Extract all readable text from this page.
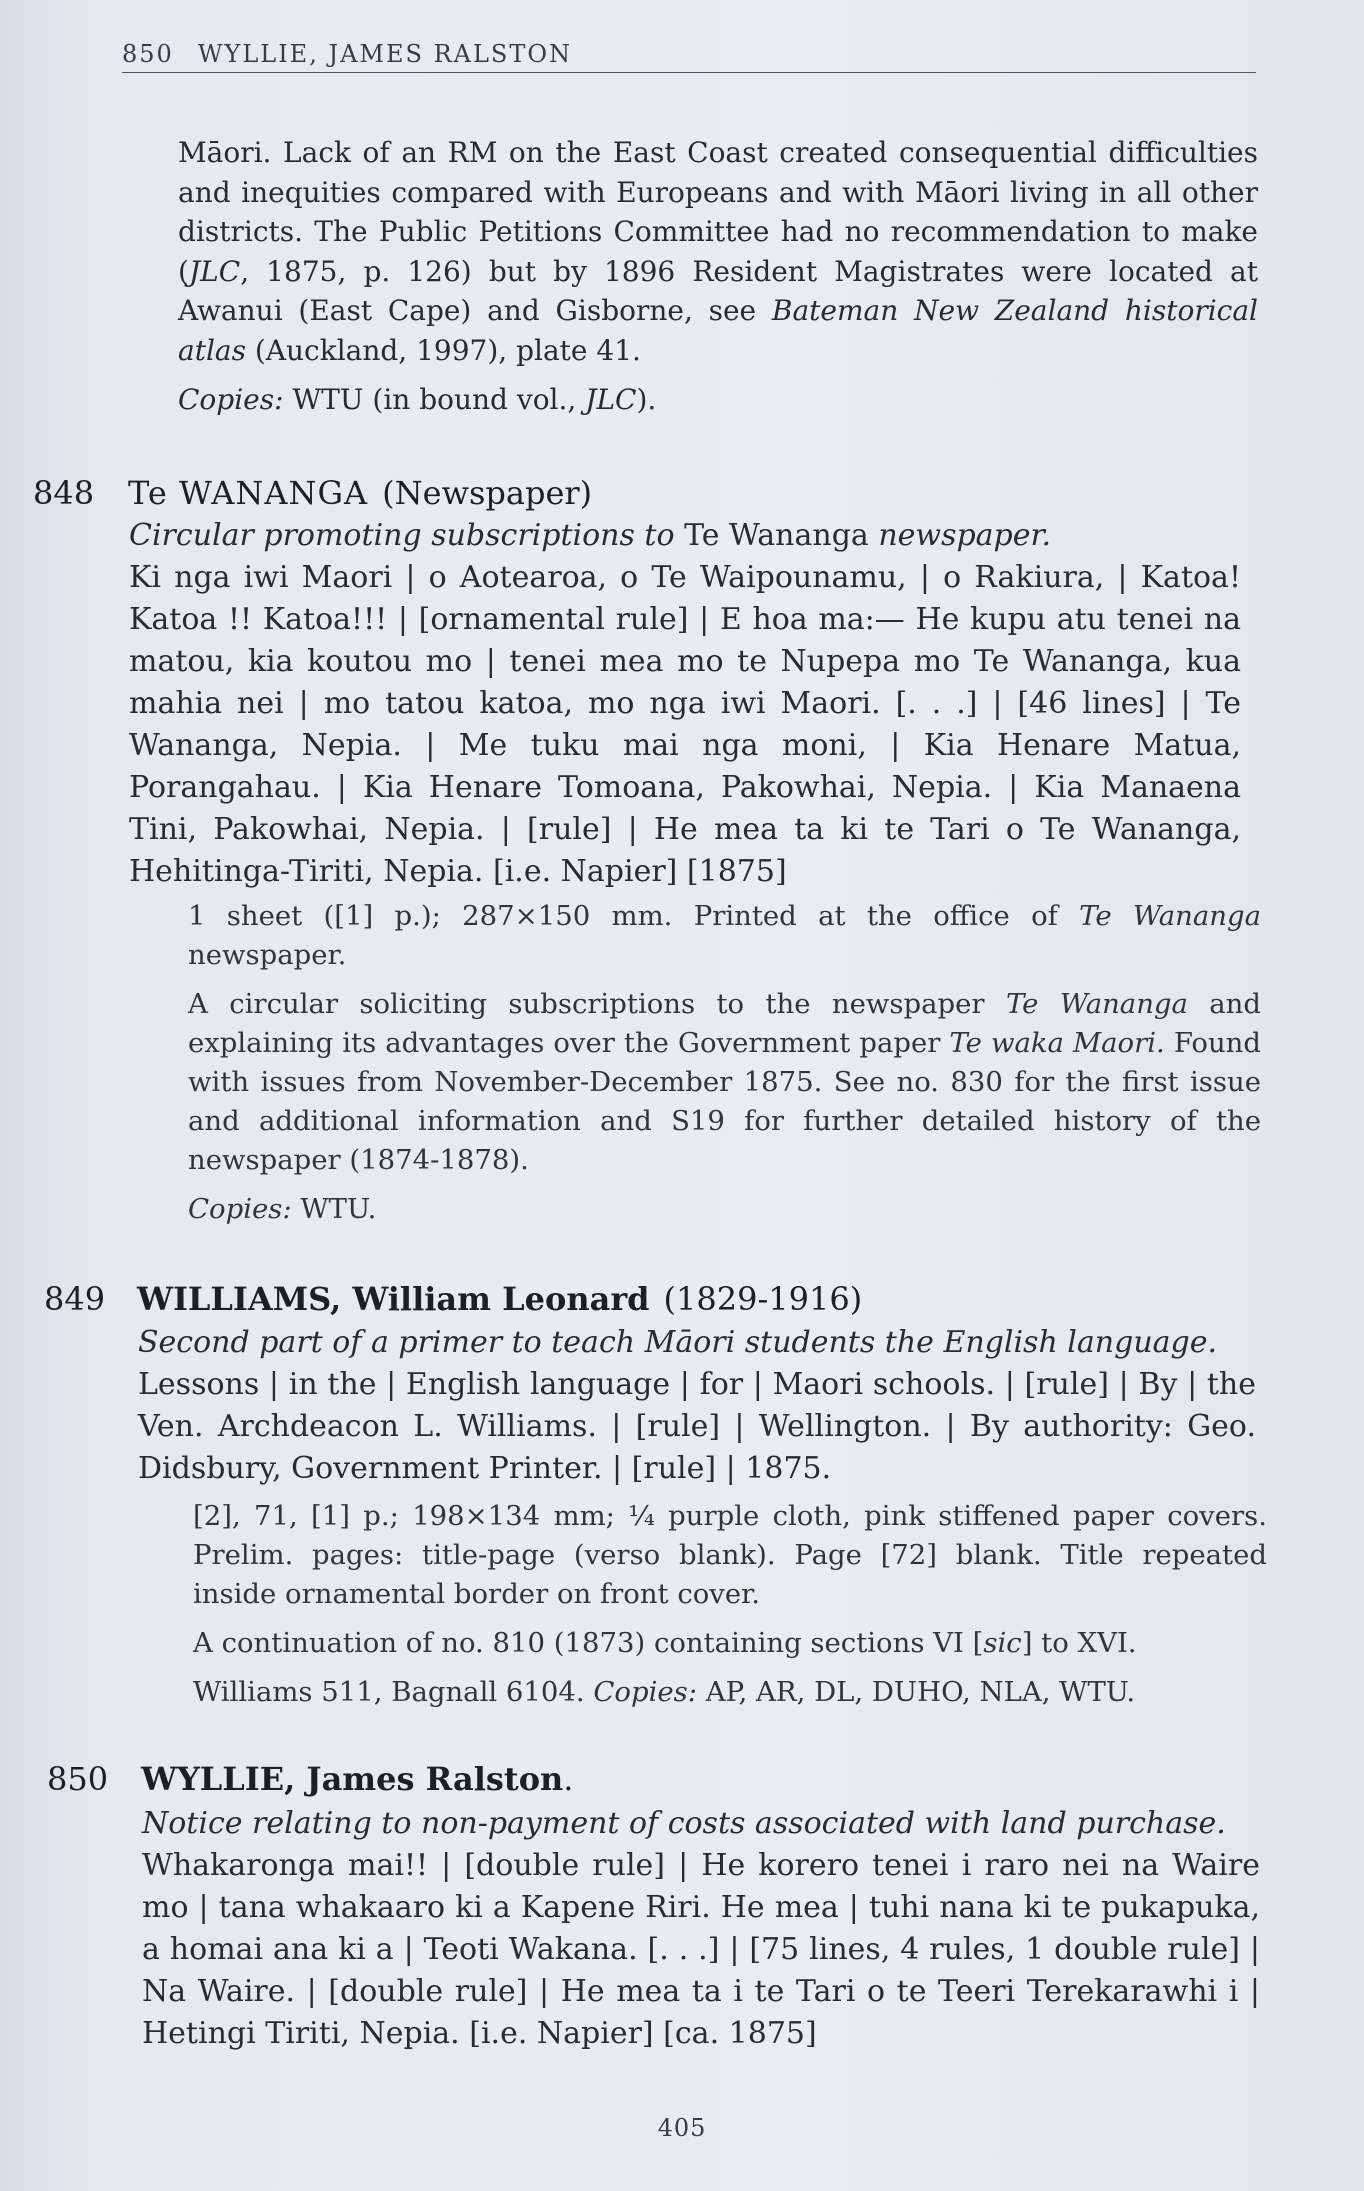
850 WYLLIE, JAMES RALSTON
Māori. Lack of an RM on the East Coast created consequential difficulties and inequities compared with Europeans and with Māori living in all other districts. The Public Petitions Committee had no recommendation to make (JLC, 1875, p. 126) but by 1896 Resident Magistrates were located at Awanui (East Cape) and Gisborne, see Bateman New Zealand historical atlas (Auckland, 1997), plate 41.
Copies: WTU (in bound vol., JLC).
848 Te WANANGA (Newspaper)
Circular promoting subscriptions to Te Wananga newspaper.
Ki nga iwi Maori | o Aotearoa, o Te Waipounamu, | o Rakiura, | Katoa! Katoa !! Katoa!!! | [ornamental rule] | E hoa ma:— He kupu atu tenei na matou, kia koutou mo | tenei mea mo te Nupepa mo Te Wananga, kua mahia nei | mo tatou katoa, mo nga iwi Maori. [. . .] | [46 lines] | Te Wananga, Nepia. | Me tuku mai nga moni, | Kia Henare Matua, Porangahau. | Kia Henare Tomoana, Pakowhai, Nepia. | Kia Manaena Tini, Pakowhai, Nepia. | [rule] | He mea ta ki te Tari o Te Wananga, Hehitinga-Tiriti, Nepia. [i.e. Napier] [1875]

1 sheet ([1] p.); 287×150 mm. Printed at the office of Te Wananga newspaper.

A circular soliciting subscriptions to the newspaper Te Wananga and explaining its advantages over the Government paper Te waka Maori. Found with issues from November-December 1875. See no. 830 for the first issue and additional information and S19 for further detailed history of the newspaper (1874-1878).

Copies: WTU.

849 WILLIAMS, William Leonard (1829-1916)
Second part of a primer to teach Māori students the English language.
Lessons | in the | English language | for | Maori schools. | [rule] | By | the Ven. Archdeacon L. Williams. | [rule] | Wellington. | By authority: Geo. Didsbury, Government Printer. | [rule] | 1875.

[2], 71, [1] p.; 198×134 mm; ¼ purple cloth, pink stiffened paper covers. Prelim. pages: title-page (verso blank). Page [72] blank. Title repeated inside ornamental border on front cover.

A continuation of no. 810 (1873) containing sections VI [sic] to XVI.

Williams 511, Bagnall 6104. Copies: AP, AR, DL, DUHO, NLA, WTU.

850 WYLLIE, James Ralston.
Notice relating to non-payment of costs associated with land purchase.
Whakaronga mai!! | [double rule] | He korero tenei i raro nei na Waire mo | tana whakaaro ki a Kapene Riri. He mea | tuhi nana ki te pukapuka, a homai ana ki a | Teoti Wakana. [. . .] | [75 lines, 4 rules, 1 double rule] | Na Waire. | [double rule] | He mea ta i te Tari o te Teeri Terekarawhi i | Hetingi Tiriti, Nepia. [i.e. Napier] [ca. 1875]
405
